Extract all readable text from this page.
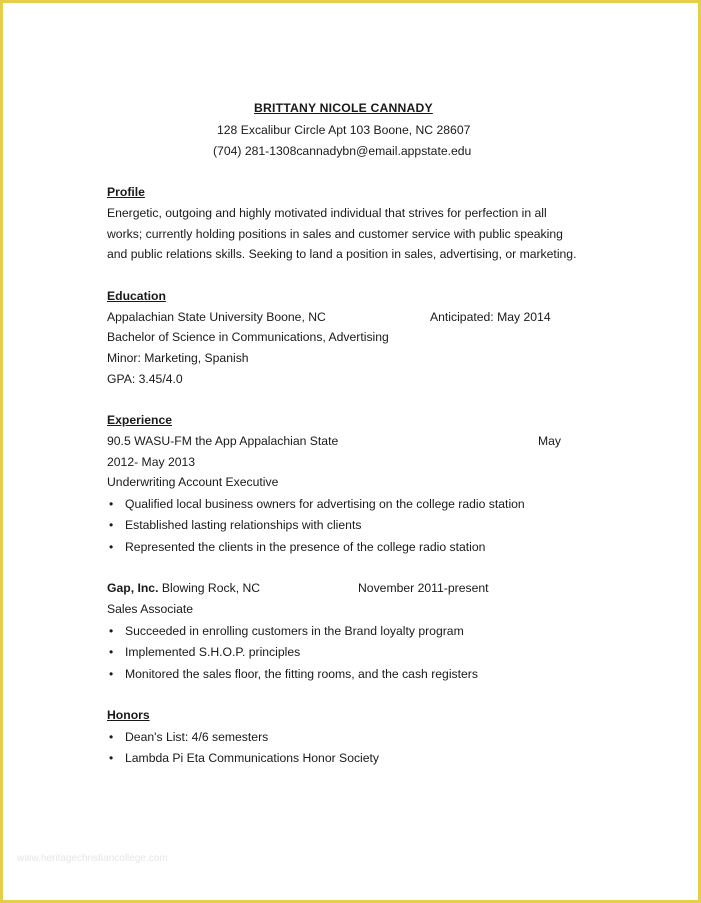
BRITTANY NICOLE CANNADY
128 Excalibur Circle Apt 103 Boone, NC 28607
(704) 281-1308cannadybn@email.appstate.edu
Profile
Energetic, outgoing and highly motivated individual that strives for perfection in all
works; currently holding positions in sales and customer service with public speaking
and public relations skills. Seeking to land a position in sales, advertising, or marketing.
Education
Appalachian State University Boone, NC	Anticipated: May 2014
Bachelor of Science in Communications, Advertising
Minor: Marketing, Spanish
GPA: 3.45/4.0
Experience
90.5 WASU-FM the App Appalachian State	May
2012- May 2013
Underwriting Account Executive
• Qualified local business owners for advertising on the college radio station
• Established lasting relationships with clients
• Represented the clients in the presence of the college radio station
Gap, Inc. Blowing Rock, NC	November 2011-present
Sales Associate
• Succeeded in enrolling customers in the Brand loyalty program
• Implemented S.H.O.P. principles
• Monitored the sales floor, the fitting rooms, and the cash registers
Honors
• Dean's List: 4/6 semesters
• Lambda Pi Eta Communications Honor Society
www.heritagechristiancollege.com
